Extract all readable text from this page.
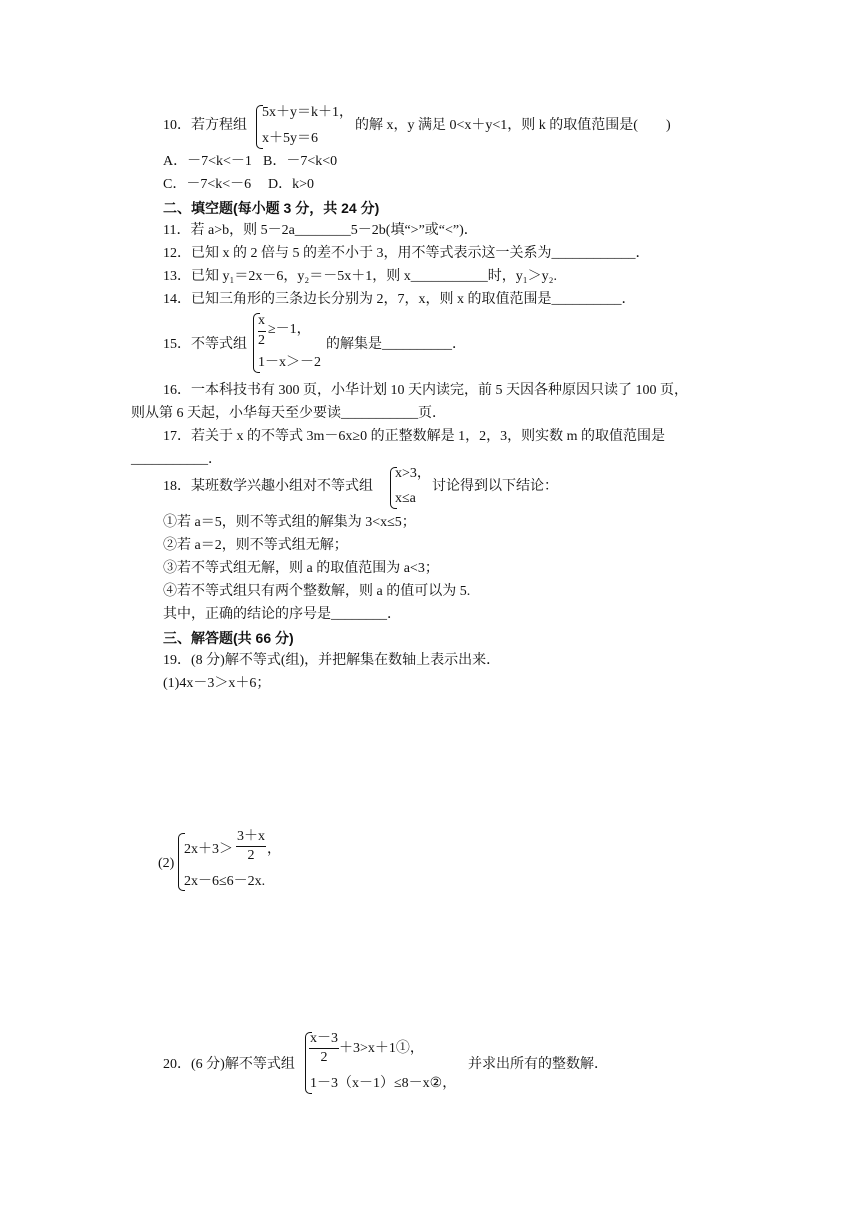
10．若方程组
5x＋y＝k＋1，
x＋5y＝6
的解 x，y 满足 0<x＋y<1，则 k 的取值范围是(　　)
A．－7<k<－1 B．－7<k<0
C．－7<k<－6 D．k>0
二、填空题(每小题 3 分，共 24 分)
11．若 a>b，则 5－2a________5－2b(填“>”或“<”)．
12．已知 x 的 2 倍与 5 的差不小于 3，用不等式表示这一关系为____________．
13．已知 y₁＝2x－6，y₂＝－5x＋1，则 x___________时，y₁＞y₂.
14．已知三角形的三条边长分别为 2，7，x，则 x 的取值范围是__________．
15．不等式组
x
2
≥－1，
1－x＞－2
的解集是__________．
16．一本科技书有 300 页，小华计划 10 天内读完，前 5 天因各种原因只读了 100 页，
则从第 6 天起，小华每天至少要读___________页．
17．若关于 x 的不等式 3m－6x≥0 的正整数解是 1，2，3，则实数 m 的取值范围是
___________．
18．某班数学兴趣小组对不等式组
x>3，
x≤a
讨论得到以下结论：
①若 a＝5，则不等式组的解集为 3<x≤5；
②若 a＝2，则不等式组无解；
③若不等式组无解，则 a 的取值范围为 a<3；
④若不等式组只有两个整数解，则 a 的值可以为 5.
其中，正确的结论的序号是________．
三、解答题(共 66 分)
19．(8 分)解不等式(组)，并把解集在数轴上表示出来．
(1)4x－3＞x＋6；
(2)
2x＋3＞
3＋x
2 ，
2x－6≤6－2x.
20．(6 分)解不等式组
x－3
2
＋3>x＋1①，
1－3（x－1）≤8－x②，
并求出所有的整数解．
